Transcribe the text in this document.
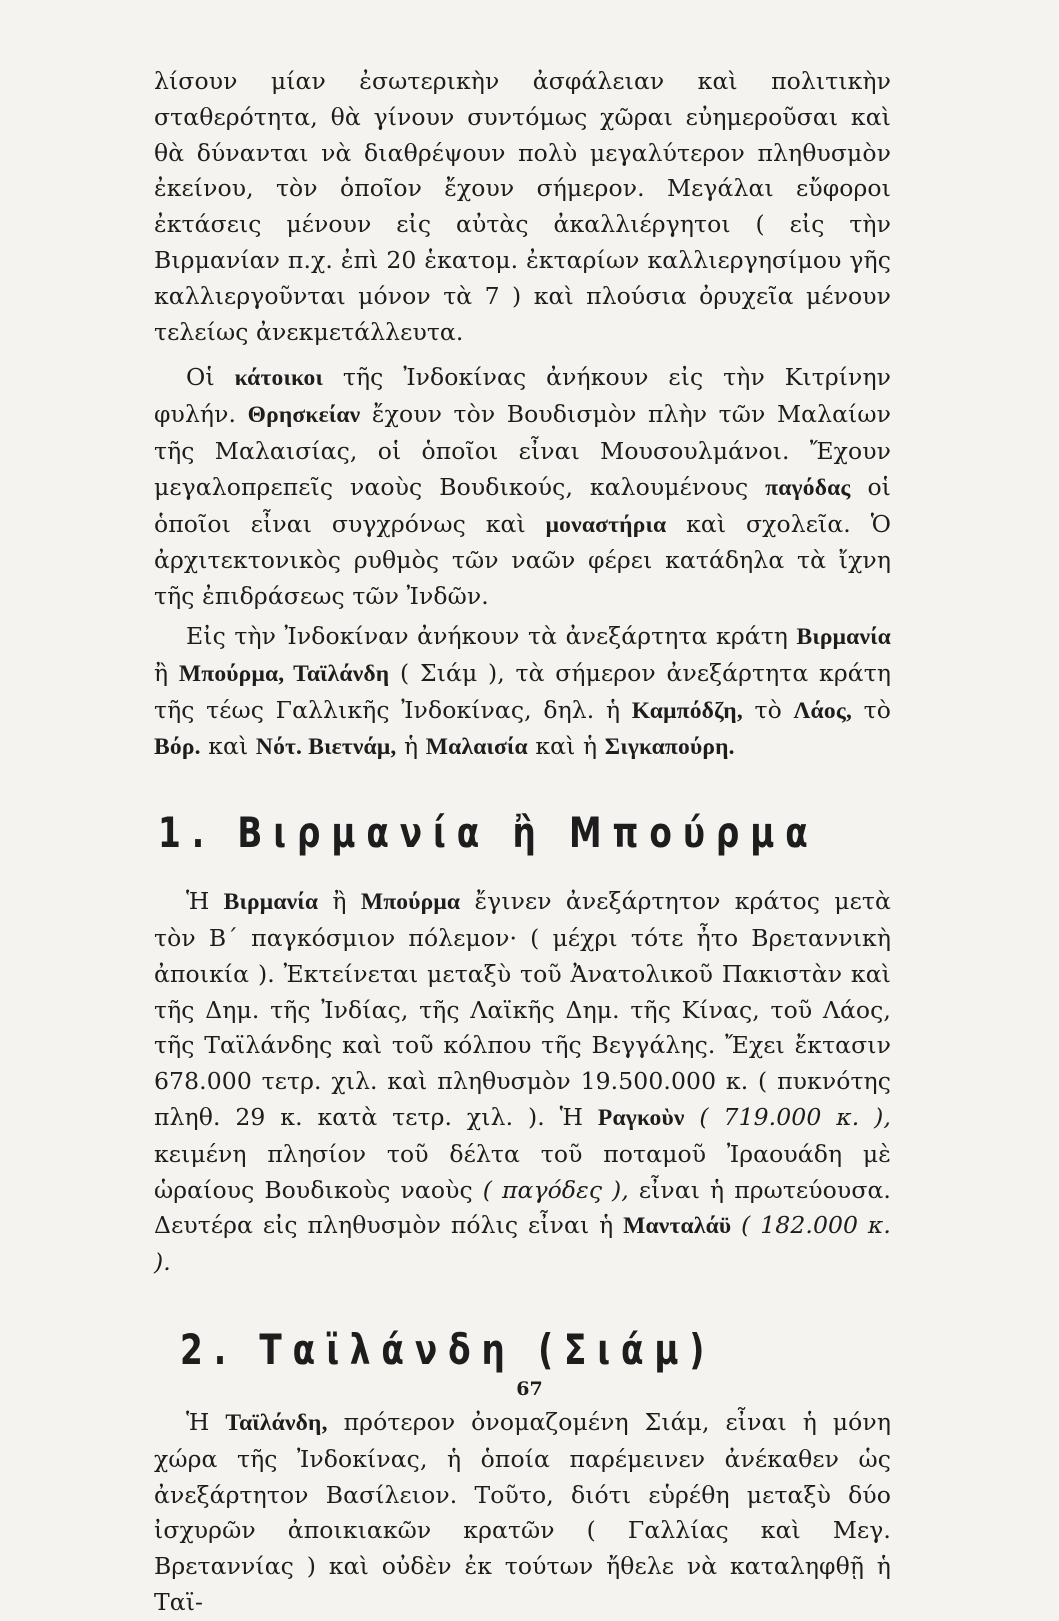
λίσουν μίαν ἐσωτερικὴν ἀσφάλειαν καὶ πολιτικὴν σταθερότητα, θὰ γίνουν συντόμως χῶραι εὐημεροῦσαι καὶ θὰ δύνανται νὰ διαθρέψουν πολὺ μεγαλύτερον πληθυσμὸν ἐκείνου, τὸν ὁποῖον ἔχουν σήμερον. Μεγάλαι εὔφοροι ἐκτάσεις μένουν εἰς αὐτὰς ἀκαλλιέργητοι ( εἰς τὴν Βιρμανίαν π.χ. ἐπὶ 20 ἑκατομ. ἐκταρίων καλλιεργησίμου γῆς καλλιεργοῦνται μόνον τὰ 7 ) καὶ πλούσια ὀρυχεῖα μένουν τελείως ἀνεκμετάλλευτα.

Οἱ κάτοικοι τῆς Ἰνδοκίνας ἀνήκουν εἰς τὴν Κιτρίνην φυλήν. Θρησκείαν ἔχουν τὸν Βουδισμὸν πλὴν τῶν Μαλαίων τῆς Μαλαισίας, οἱ ὁποῖοι εἶναι Μουσουλμάνοι. Ἔχουν μεγαλοπρεπεῖς ναοὺς Βουδικούς, καλουμένους παγόδας οἱ ὁποῖοι εἶναι συγχρόνως καὶ μοναστήρια καὶ σχολεῖα. Ὁ ἀρχιτεκτονικὸς ρυθμὸς τῶν ναῶν φέρει κατάδηλα τὰ ἴχνη τῆς ἐπιδράσεως τῶν Ἰνδῶν.

Εἰς τὴν Ἰνδοκίναν ἀνήκουν τὰ ἀνεξάρτητα κράτη Βιρμανία ἢ Μπούρμα, Ταϊλάνδη ( Σιάμ ), τὰ σήμερον ἀνεξάρτητα κράτη τῆς τέως Γαλλικῆς Ἰνδοκίνας, δηλ. ἡ Καμπόδζη, τὸ Λάος, τὸ Βόρ. καὶ Νότ. Βιετνάμ, ἡ Μαλαισία καὶ ἡ Σιγκαπούρη.

1. Βιρμανία ἢ Μπούρμα

Ἡ Βιρμανία ἢ Μπούρμα ἔγινεν ἀνεξάρτητον κράτος μετὰ τὸν Β΄ παγκόσμιον πόλεμον· ( μέχρι τότε ἦτο Βρεταννικὴ ἀποικία ). Ἐκτείνεται μεταξὺ τοῦ Ἀνατολικοῦ Πακιστὰν καὶ τῆς Δημ. τῆς Ἰνδίας, τῆς Λαϊκῆς Δημ. τῆς Κίνας, τοῦ Λάος, τῆς Ταϊλάνδης καὶ τοῦ κόλπου τῆς Βεγγάλης. Ἔχει ἔκτασιν 678.000 τετρ. χιλ. καὶ πληθυσμὸν 19.500.000 κ. ( πυκνότης πληθ. 29 κ. κατὰ τετρ. χιλ. ). Ἡ Ραγκοὺν ( 719.000 κ. ), κειμένη πλησίον τοῦ δέλτα τοῦ ποταμοῦ Ἰραουάδη μὲ ὡραίους Βουδικοὺς ναοὺς ( παγόδες ), εἶναι ἡ πρωτεύουσα. Δευτέρα εἰς πληθυσμὸν πόλις εἶναι ἡ Μανταλάϋ ( 182.000 κ. ).

2. Ταϊλάνδη (Σιάμ)

Ἡ Ταϊλάνδη, πρότερον ὀνομαζομένη Σιάμ, εἶναι ἡ μόνη χώρα τῆς Ἰνδοκίνας, ἡ ὁποία παρέμεινεν ἀνέκαθεν ὡς ἀνεξάρτητον Βασίλειον. Τοῦτο, διότι εὑρέθη μεταξὺ δύο ἰσχυρῶν ἀποικιακῶν κρατῶν ( Γαλλίας καὶ Μεγ. Βρεταννίας ) καὶ οὐδὲν ἐκ τούτων ἤθελε νὰ καταληφθῇ ἡ Ταϊ-

67
